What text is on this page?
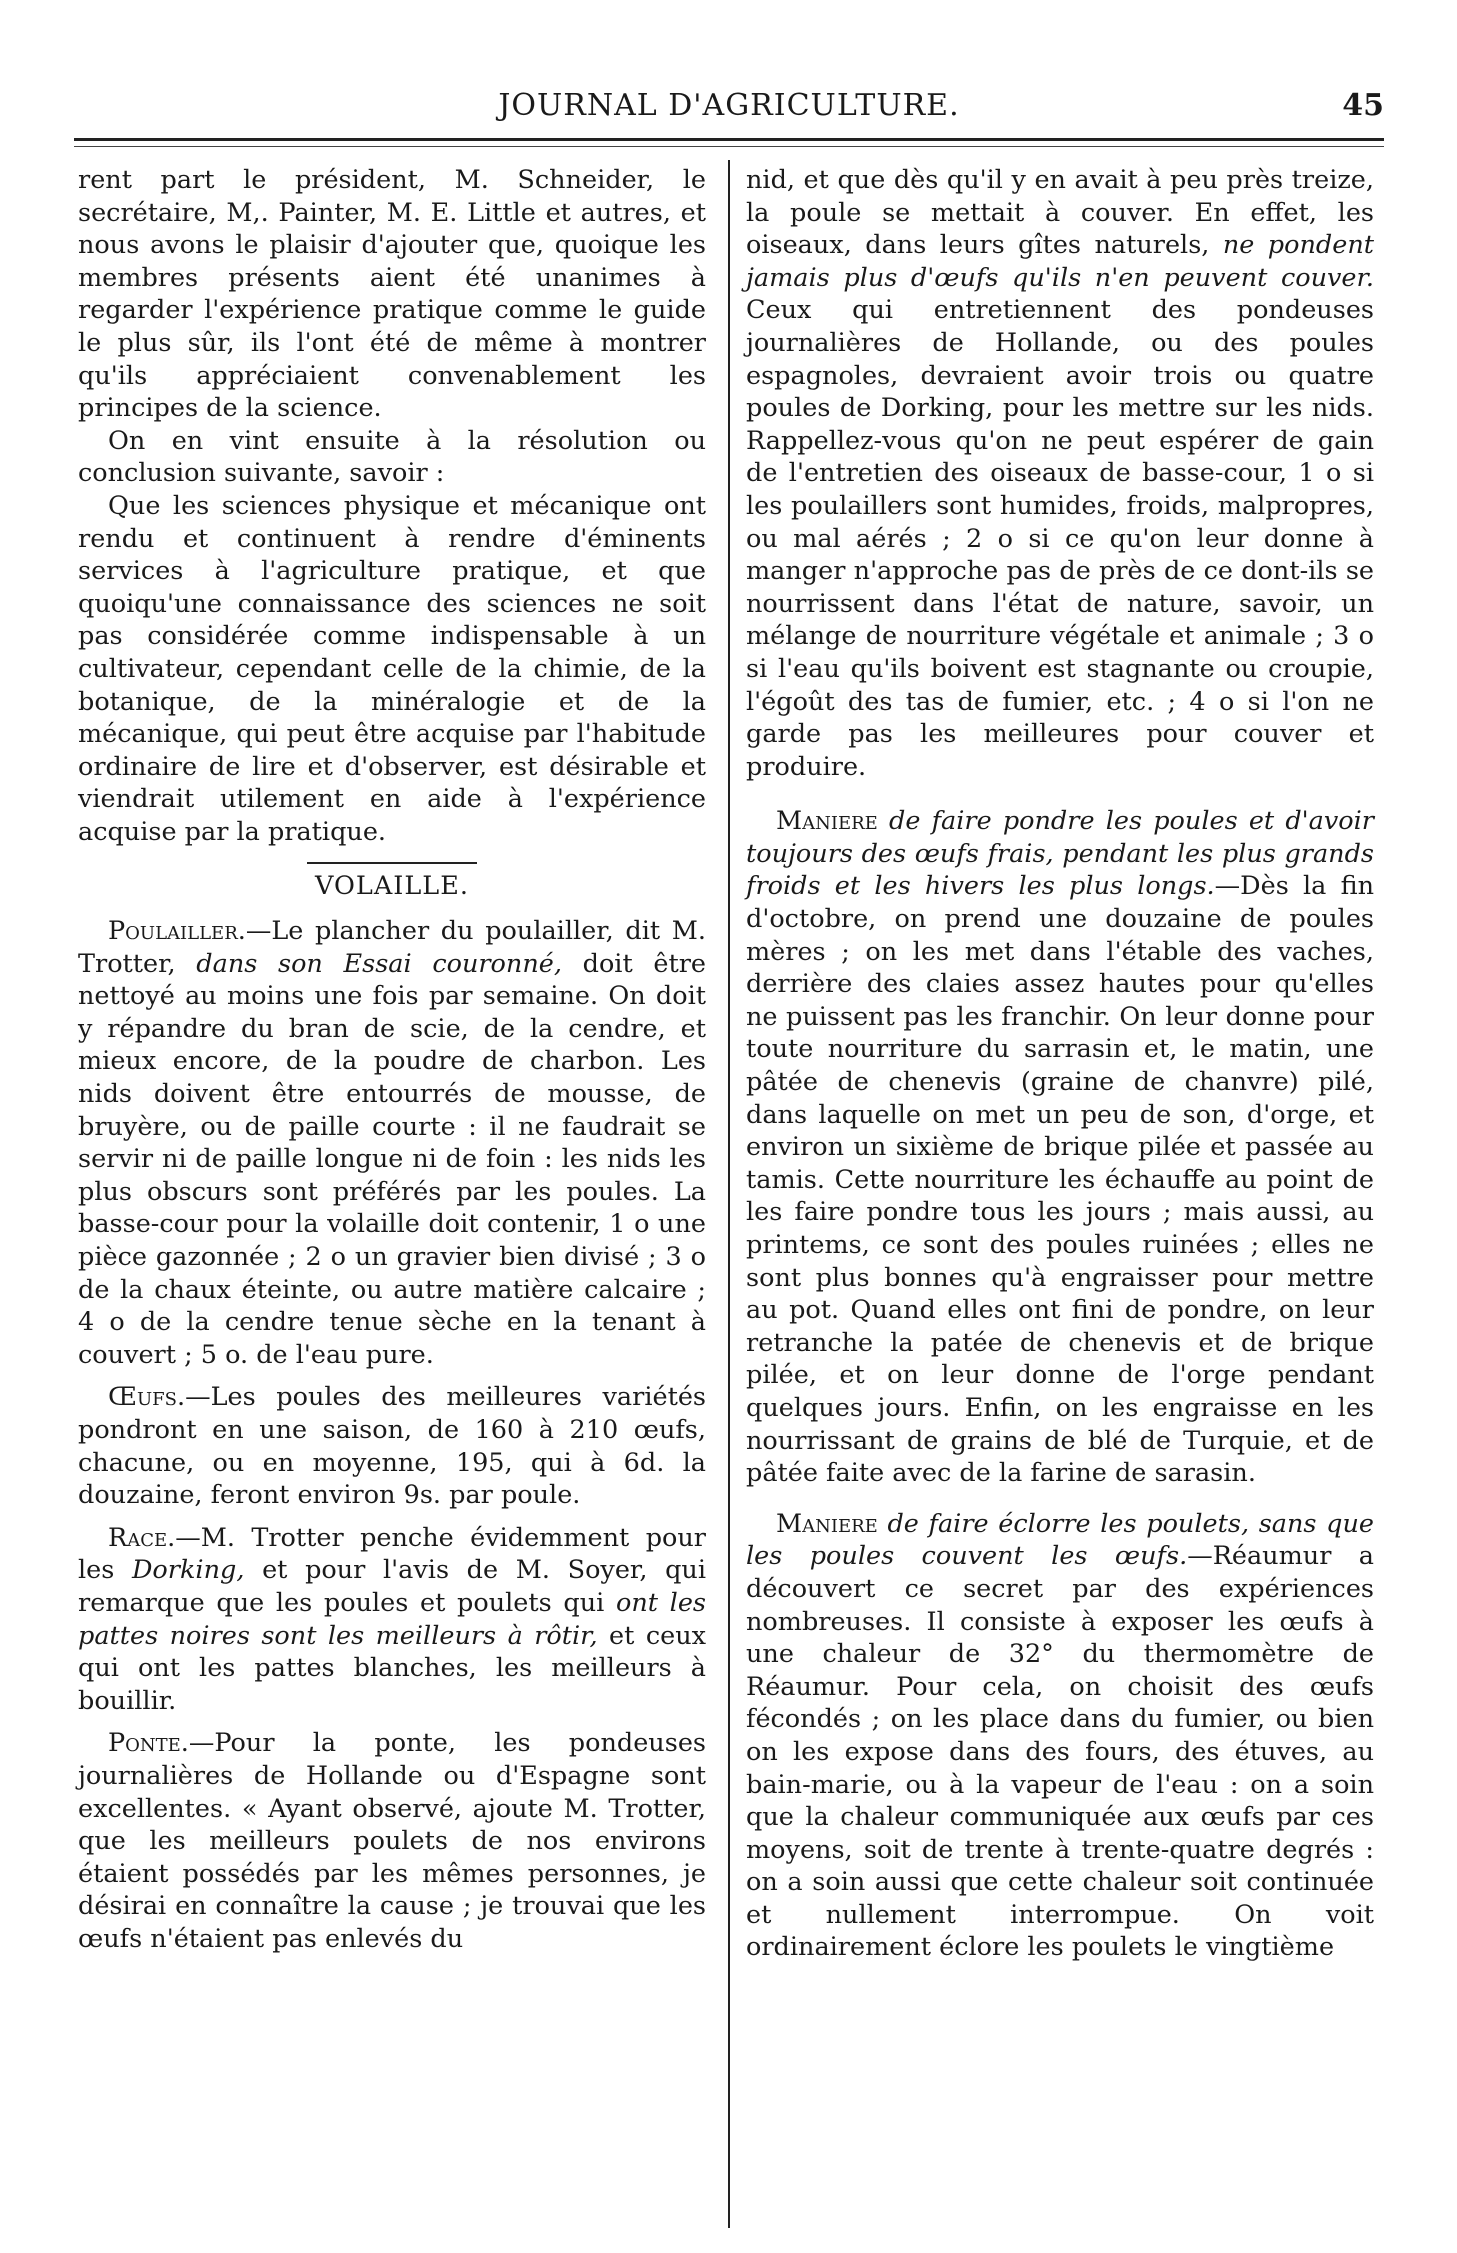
JOURNAL D'AGRICULTURE.	45

rent part le président, M. Schneider, le secrétaire, M,. Painter, M. E. Little et autres, et nous avons le plaisir d'ajouter que, quoique les membres présents aient été unanimes à regarder l'expérience pratique comme le guide le plus sûr, ils l'ont été de même à montrer qu'ils appréciaient convenablement les principes de la science.

On en vint ensuite à la résolution ou conclusion suivante, savoir :

Que les sciences physique et mécanique ont rendu et continuent à rendre d'éminents services à l'agriculture pratique, et que quoiqu'une connaissance des sciences ne soit pas considérée comme indispensable à un cultivateur, cependant celle de la chimie, de la botanique, de la minéralogie et de la mécanique, qui peut être acquise par l'habitude ordinaire de lire et d'observer, est désirable et viendrait utilement en aide à l'expérience acquise par la pratique.

VOLAILLE.

Poulailler.—Le plancher du poulailler, dit M. Trotter, dans son Essai couronné, doit être nettoyé au moins une fois par semaine. On doit y répandre du bran de scie, de la cendre, et mieux encore, de la poudre de charbon. Les nids doivent être entourrés de mousse, de bruyère, ou de paille courte : il ne faudrait se servir ni de paille longue ni de foin : les nids les plus obscurs sont préférés par les poules. La basse-cour pour la volaille doit contenir, 1 o une pièce gazonnée ; 2 o un gravier bien divisé ; 3 o de la chaux éteinte, ou autre matière calcaire ; 4 o de la cendre tenue sèche en la tenant à couvert ; 5 o. de l'eau pure.

Œufs.—Les poules des meilleures variétés pondront en une saison, de 160 à 210 œufs, chacune, ou en moyenne, 195, qui à 6d. la douzaine, feront environ 9s. par poule.

Race.—M. Trotter penche évidemment pour les Dorking, et pour l'avis de M. Soyer, qui remarque que les poules et poulets qui ont les pattes noires sont les meilleurs à rôtir, et ceux qui ont les pattes blanches, les meilleurs à bouillir.

Ponte.—Pour la ponte, les pondeuses journalières de Hollande ou d'Espagne sont excellentes. « Ayant observé, ajoute M. Trotter, que les meilleurs poulets de nos environs étaient possédés par les mêmes personnes, je désirai en connaître la cause ; je trouvai que les œufs n'étaient pas enlevés du

nid, et que dès qu'il y en avait à peu près treize, la poule se mettait à couver. En effet, les oiseaux, dans leurs gîtes naturels, ne pondent jamais plus d'œufs qu'ils n'en peuvent couver. Ceux qui entretiennent des pondeuses journalières de Hollande, ou des poules espagnoles, devraient avoir trois ou quatre poules de Dorking, pour les mettre sur les nids. Rappellez-vous qu'on ne peut espérer de gain de l'entretien des oiseaux de basse-cour, 1 o si les poulaillers sont humides, froids, malpropres, ou mal aérés ; 2 o si ce qu'on leur donne à manger n'approche pas de près de ce dont-ils se nourrissent dans l'état de nature, savoir, un mélange de nourriture végétale et animale ; 3 o si l'eau qu'ils boivent est stagnante ou croupie, l'égoût des tas de fumier, etc. ; 4 o si l'on ne garde pas les meilleures pour couver et produire.

Maniere de faire pondre les poules et d'avoir toujours des œufs frais, pendant les plus grands froids et les hivers les plus longs.—Dès la fin d'octobre, on prend une douzaine de poules mères ; on les met dans l'étable des vaches, derrière des claies assez hautes pour qu'elles ne puissent pas les franchir. On leur donne pour toute nourriture du sarrasin et, le matin, une pâtée de chenevis (graine de chanvre) pilé, dans laquelle on met un peu de son, d'orge, et environ un sixième de brique pilée et passée au tamis. Cette nourriture les échauffe au point de les faire pondre tous les jours ; mais aussi, au printems, ce sont des poules ruinées ; elles ne sont plus bonnes qu'à engraisser pour mettre au pot. Quand elles ont fini de pondre, on leur retranche la patée de chenevis et de brique pilée, et on leur donne de l'orge pendant quelques jours. Enfin, on les engraisse en les nourrissant de grains de blé de Turquie, et de pâtée faite avec de la farine de sarasin.

Maniere de faire éclorre les poulets, sans que les poules couvent les œufs.—Réaumur a découvert ce secret par des expériences nombreuses. Il consiste à exposer les œufs à une chaleur de 32° du thermomètre de Réaumur. Pour cela, on choisit des œufs fécondés ; on les place dans du fumier, ou bien on les expose dans des fours, des étuves, au bain-marie, ou à la vapeur de l'eau : on a soin que la chaleur communiquée aux œufs par ces moyens, soit de trente à trente-quatre degrés : on a soin aussi que cette chaleur soit continuée et nullement interrompue. On voit ordinairement éclore les poulets le vingtième
